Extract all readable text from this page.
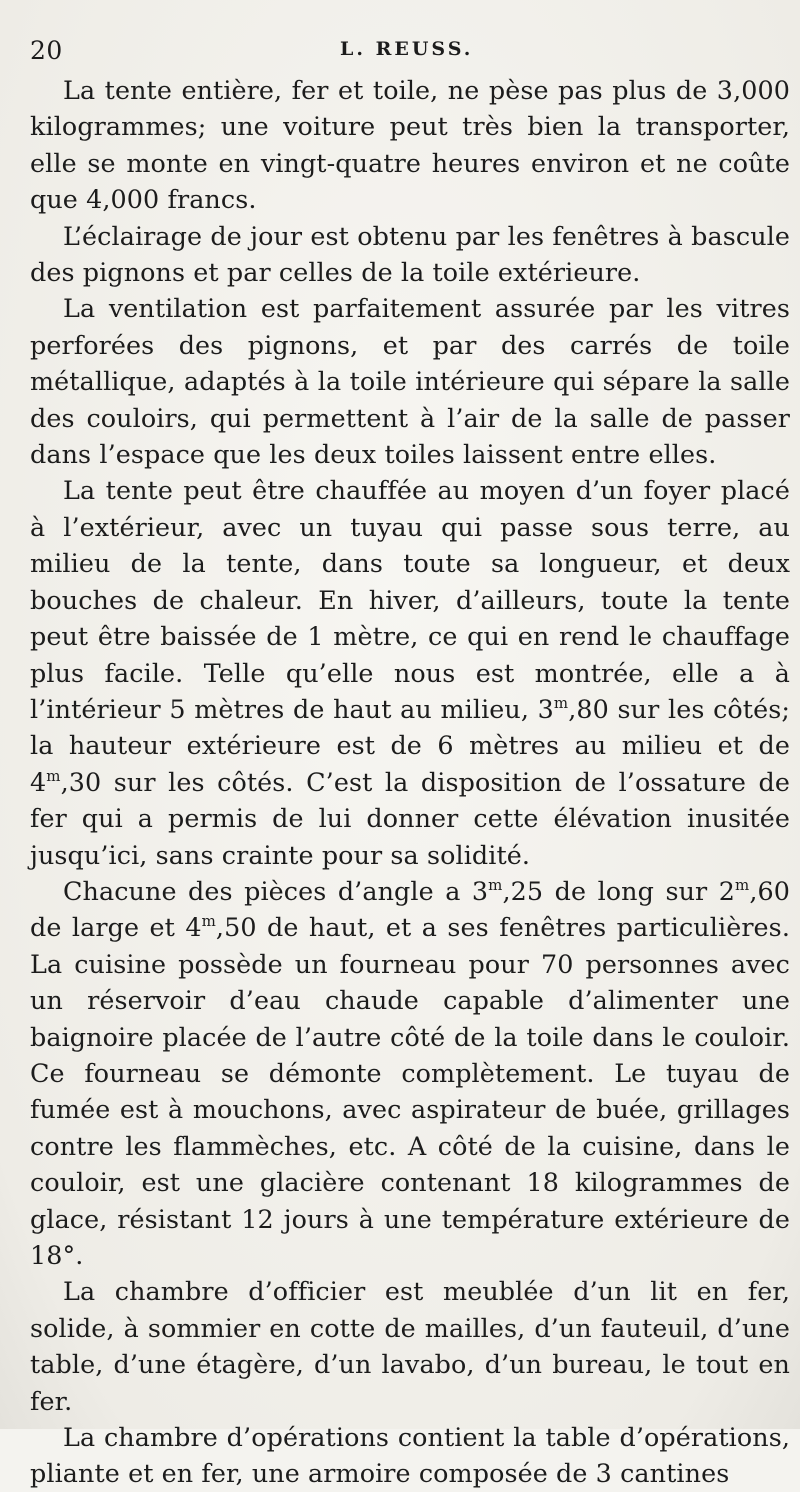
20	L. REUSS.

La tente entière, fer et toile, ne pèse pas plus de 3,000 kilogrammes; une voiture peut très bien la transporter, elle se monte en vingt-quatre heures environ et ne coûte que 4,000 francs.

L’éclairage de jour est obtenu par les fenêtres à bascule des pignons et par celles de la toile extérieure.

La ventilation est parfaitement assurée par les vitres perforées des pignons, et par des carrés de toile métallique, adaptés à la toile intérieure qui sépare la salle des couloirs, qui permettent à l’air de la salle de passer dans l’espace que les deux toiles laissent entre elles.

La tente peut être chauffée au moyen d’un foyer placé à l’extérieur, avec un tuyau qui passe sous terre, au milieu de la tente, dans toute sa longueur, et deux bouches de chaleur. En hiver, d’ailleurs, toute la tente peut être baissée de 1 mètre, ce qui en rend le chauffage plus facile. Telle qu’elle nous est montrée, elle a à l’intérieur 5 mètres de haut au milieu, 3$^m$,80 sur les côtés; la hauteur extérieure est de 6 mètres au milieu et de 4$^m$,30 sur les côtés. C’est la disposition de l’ossature de fer qui a permis de lui donner cette élévation inusitée jusqu’ici, sans crainte pour sa solidité.

Chacune des pièces d’angle a 3$^m$,25 de long sur 2$^m$,60 de large et 4$^m$,50 de haut, et a ses fenêtres particulières. La cuisine possède un fourneau pour 70 personnes avec un réservoir d’eau chaude capable d’alimenter une baignoire placée de l’autre côté de la toile dans le couloir. Ce fourneau se démonte complètement. Le tuyau de fumée est à mouchons, avec aspirateur de buée, grillages contre les flammèches, etc. A côté de la cuisine, dans le couloir, est une glacière contenant 18 kilogrammes de glace, résistant 12 jours à une température extérieure de 18°.

La chambre d’officier est meublée d’un lit en fer, solide, à sommier en cotte de mailles, d’un fauteuil, d’une table, d’une étagère, d’un lavabo, d’un bureau, le tout en fer.

La chambre d’opérations contient la table d’opérations, pliante et en fer, une armoire composée de 3 cantines
